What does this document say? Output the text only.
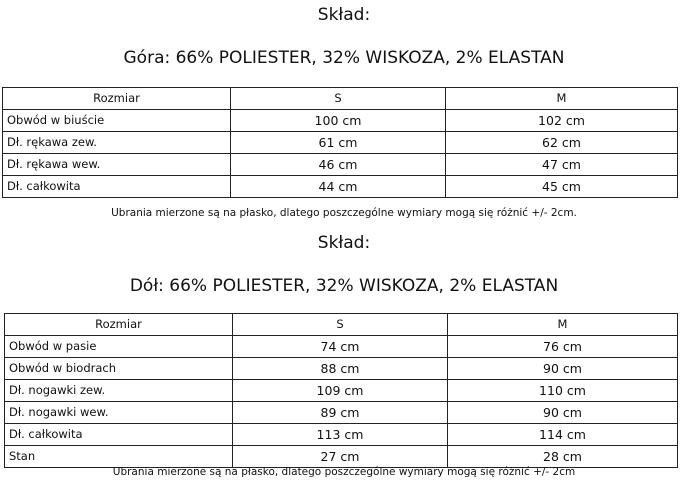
Skład:
Góra: 66% POLIESTER, 32% WISKOZA, 2% ELASTAN
Rozmiar	S	M
Obwód w biuście	100 cm	102 cm
Dł. rękawa zew.	61 cm	62 cm
Dł. rękawa wew.	46 cm	47 cm
Dł. całkowita	44 cm	45 cm
Ubrania mierzone są na płasko, dlatego poszczególne wymiary mogą się różnić +/- 2cm.
Skład:
Dół: 66% POLIESTER, 32% WISKOZA, 2% ELASTAN
Rozmiar	S	M
Obwód w pasie	74 cm	76 cm
Obwód w biodrach	88 cm	90 cm
Dł. nogawki zew.	109 cm	110 cm
Dł. nogawki wew.	89 cm	90 cm
Dł. całkowita	113 cm	114 cm
Stan	27 cm	28 cm
Ubrania mierzone są na płasko, dlatego poszczególne wymiary mogą się różnić +/- 2cm
